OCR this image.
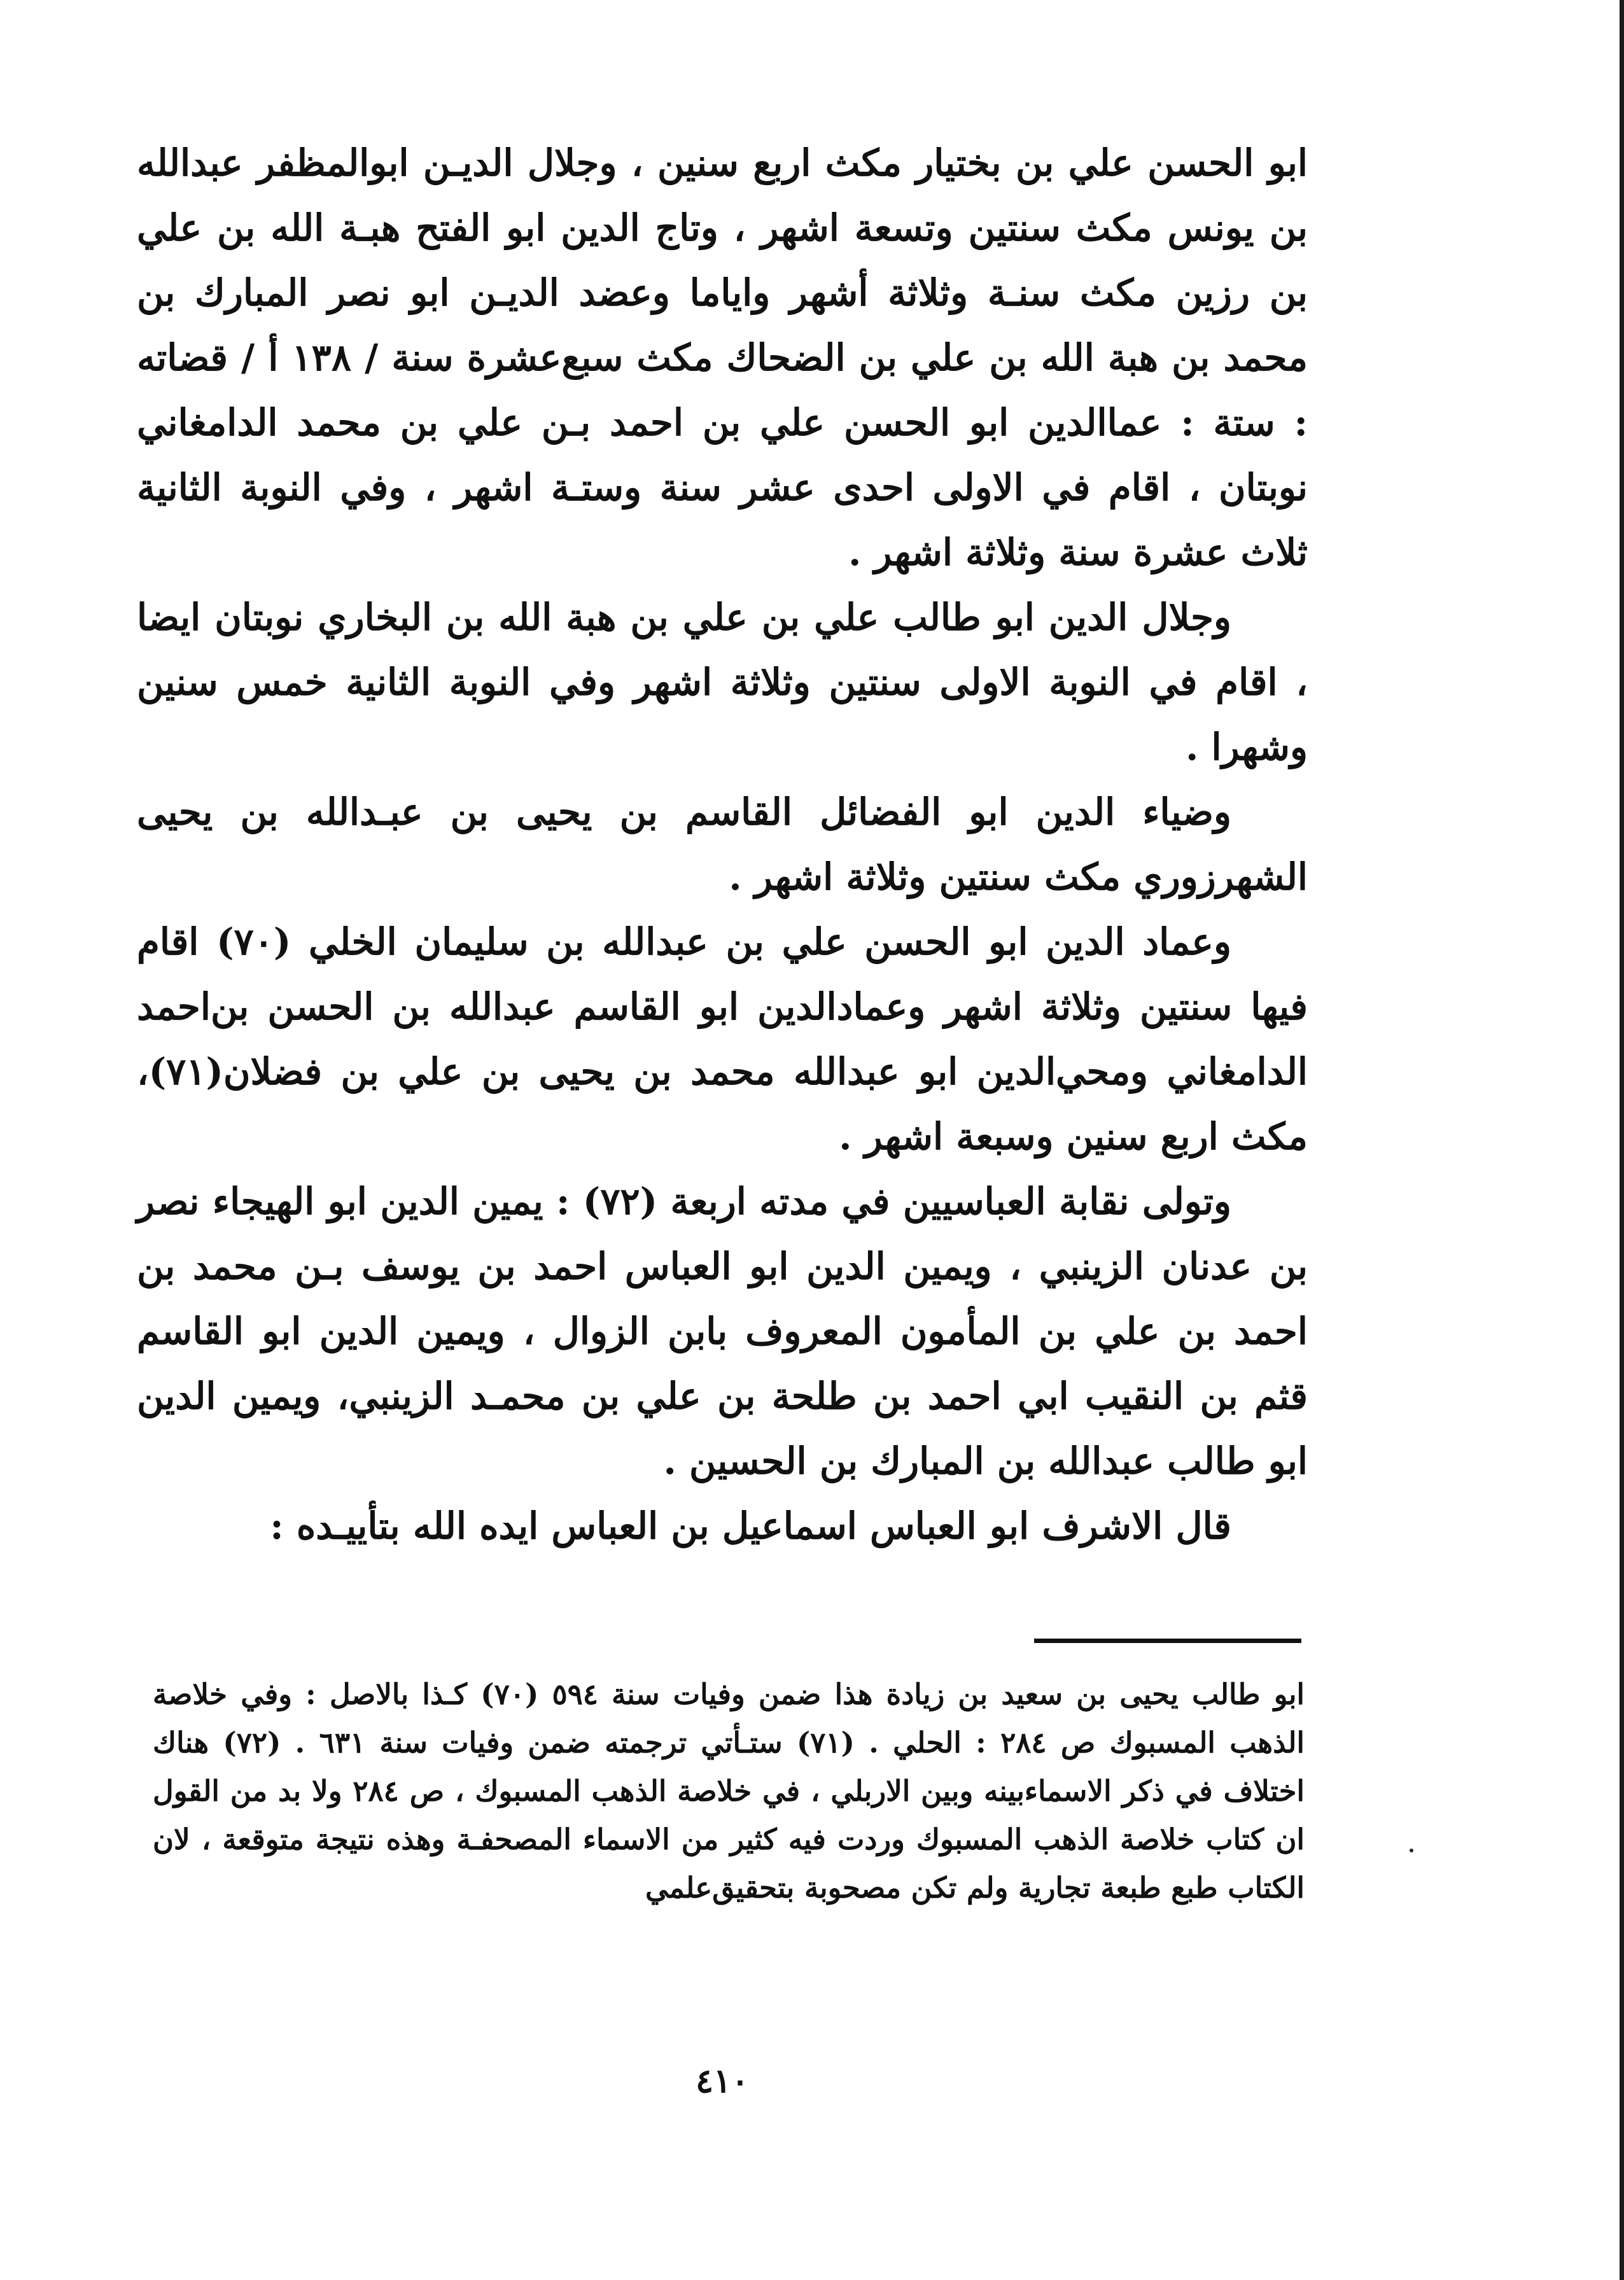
ابو الحسن علي بن بختيار مكث اربع سنين ، وجلال الديـن ابوالمظفر عبدالله بن يونس مكث سنتين وتسعة اشهر ، وتاج الدين ابو الفتح هبـة الله بن علي بن رزين مكث سنـة وثلاثة أشهر واياما وعضد الديـن ابو نصر المبارك بن محمد بن هبة الله بن علي بن الضحاك مكث سبع‌عشرة سنة / ١٣٨ أ / قضاته : ستة : عماالدين ابو الحسن علي بن احمد بـن علي بن محمد الدامغاني نوبتان ، اقام في الاولى احدى عشر سنة وستـة اشهر ، وفي النوبة الثانية ثلاث عشرة سنة وثلاثة اشهر .

وجلال الدين ابو طالب علي بن علي بن هبة الله بن البخاري نوبتان ايضا ، اقام في النوبة الاولى سنتين وثلاثة اشهر وفي النوبة الثانية خمس سنين وشهرا .

وضياء الدين ابو الفضائل القاسم بن يحيى بن عبـدالله بن يحيى الشهرزوري مكث سنتين وثلاثة اشهر .

وعماد الدين ابو الحسن علي بن عبدالله بن سليمان الخلي (٧٠) اقام فيها سنتين وثلاثة اشهر وعمادالدين ابو القاسم عبدالله بن الحسن بن‌احمد الدامغاني ومحي‌الدين ابو عبدالله محمد بن يحيى بن علي بن فضلان(٧١)، مكث اربع سنين وسبعة اشهر .

وتولى نقابة العباسيين في مدته اربعة (٧٢) : يمين الدين ابو الهيجاء نصر بن عدنان الزينبي ، ويمين الدين ابو العباس احمد بن يوسف بـن محمد بن احمد بن علي بن المأمون المعروف بابن الزوال ، ويمين الدين ابو القاسم قثم بن النقيب ابي احمد بن طلحة بن علي بن محمـد الزينبي، ويمين الدين ابو طالب عبدالله بن المبارك بن الحسين .

قال الاشرف ابو العباس اسماعيل بن العباس ايده الله بتأييـده :

ابو طالب يحيى بن سعيد بن زيادة هذا ضمن وفيات سنة ٥٩٤ (٧٠) كـذا بالاصل : وفي خلاصة الذهب المسبوك ص ٢٨٤ : الحلي . (٧١) ستـأتي ترجمته ضمن وفيات سنة ٦٣١ . (٧٢) هناك اختلاف في ذكر الاسماءبينه وبين الاربلي ، في خلاصة الذهب المسبوك ، ص ٢٨٤ ولا بد من القول ان كتاب خلاصة الذهب المسبوك وردت فيه كثير من الاسماء المصحفـة وهذه نتيجة متوقعة ، لان الكتاب طبع طبعة تجارية ولم تكن مصحوبة بتحقيق‌علمي

٤١٠
